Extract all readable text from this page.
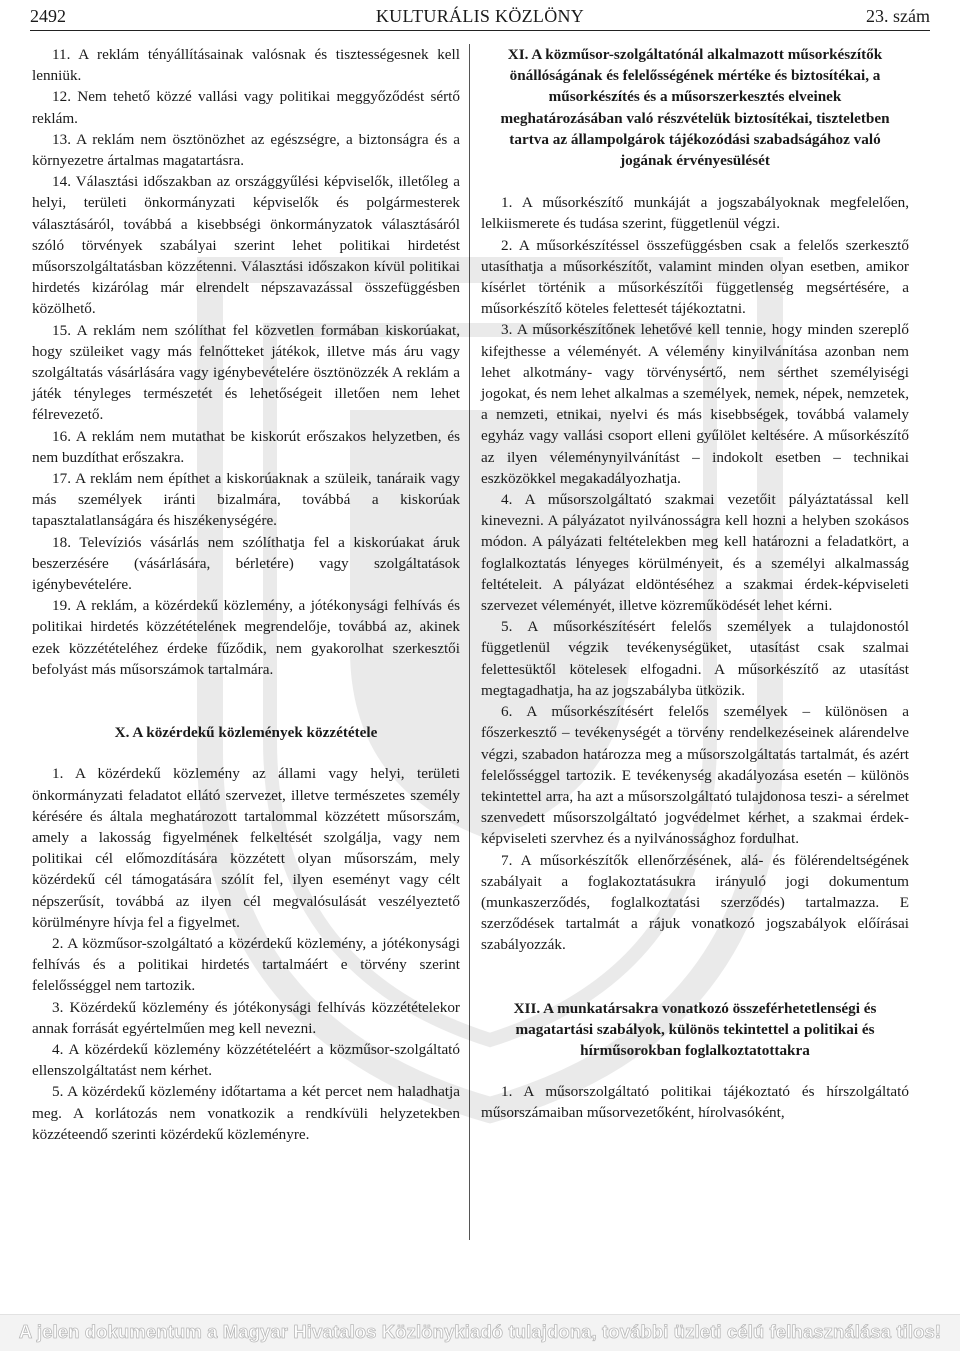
KULTURÁLIS KÖZLÖNY
2492	23. szám

11. A reklám tényállításainak valósnak és tisztességesnek kell lenniük.

12. Nem tehető közzé vallási vagy politikai meggyőződést sértő reklám.

13. A reklám nem ösztönözhet az egészségre, a biztonságra és a környezetre ártalmas magatartásra.

14. Választási időszakban az országgyűlési képviselők, illetőleg a helyi, területi önkormányzati képviselők és polgármesterek választásáról, továbbá a kisebbségi önkormányzatok választásáról szóló törvények szabályai szerint lehet politikai hirdetést műsorszolgáltatásban közzétenni. Választási időszakon kívül politikai hirdetés kizárólag már elrendelt népszavazással összefüggésben közölhető.

15. A reklám nem szólíthat fel közvetlen formában kiskorúakat, hogy szüleiket vagy más felnőtteket játékok, illetve más áru vagy szolgáltatás vásárlására vagy igénybevételére ösztönözzék A reklám a játék tényleges természetét és lehetőségeit illetően nem lehet félrevezető.

16. A reklám nem mutathat be kiskorút erőszakos helyzetben, és nem buzdíthat erőszakra.

17. A reklám nem építhet a kiskorúaknak a szüleik, tanáraik vagy más személyek iránti bizalmára, továbbá a kiskorúak tapasztalatlanságára és hiszékenységére.

18. Televíziós vásárlás nem szólíthatja fel a kiskorúakat áruk beszerzésére (vásárlására, bérletére) vagy szolgáltatások igénybevételére.

19. A reklám, a közérdekű közlemény, a jótékonysági felhívás és politikai hirdetés közzétételének megrendelője, továbbá az, akinek ezek közzétételéhez érdeke fűződik, nem gyakorolhat szerkesztői befolyást más műsorszámok tartalmára.

X. A közérdekű közlemények közzététele

1. A közérdekű közlemény az állami vagy helyi, területi önkormányzati feladatot ellátó szervezet, illetve természetes személy kérésére és általa meghatározott tartalommal közzétett műsorszám, amely a lakosság figyelmének felkeltését szolgálja, vagy nem politikai cél előmozdítására közzétett olyan műsorszám, mely közérdekű cél támogatására szólít fel, ilyen eseményt vagy célt népszerűsít, továbbá az ilyen cél megvalósulását veszélyeztető körülményre hívja fel a figyelmet.

2. A közműsor-szolgáltató a közérdekű közlemény, a jótékonysági felhívás és a politikai hirdetés tartalmáért e törvény szerint felelősséggel nem tartozik.

3. Közérdekű közlemény és jótékonysági felhívás közzétételekor annak forrását egyértelműen meg kell nevezni.

4. A közérdekű közlemény közzétételéért a közműsor-szolgáltató ellenszolgáltatást nem kérhet.

5. A közérdekű közlemény időtartama a két percet nem haladhatja meg. A korlátozás nem vonatkozik a rendkívüli helyzetekben közzéteendő szerinti közérdekű közleményre.

XI. A közműsor-szolgáltatónál alkalmazott műsorkészítők önállóságának és felelősségének mértéke és biztosítékai, a műsorkészítés és a műsorszerkesztés elveinek meghatározásában való részvételük biztosítékai, tiszteletben tartva az állampolgárok tájékozódási szabadságához való jogának érvényesülését

1. A műsorkészítő munkáját a jogszabályoknak megfelelően, lelkiismerete és tudása szerint, függetlenül végzi.

2. A műsorkészítéssel összefüggésben csak a felelős szerkesztő utasíthatja a műsorkészítőt, valamint minden olyan esetben, amikor kísérlet történik a műsorkészítői függetlenség megsértésére, a műsorkészítő köteles felettesét tájékoztatni.

3. A műsorkészítőnek lehetővé kell tennie, hogy minden szereplő kifejthesse a véleményét. A vélemény kinyilvánítása azonban nem lehet alkotmány- vagy törvénysértő, nem sérthet személyiségi jogokat, és nem lehet alkalmas a személyek, nemek, népek, nemzetek, a nemzeti, etnikai, nyelvi és más kisebbségek, továbbá valamely egyház vagy vallási csoport elleni gyűlölet keltésére. A műsorkészítő az ilyen véleménynyilvánítást – indokolt esetben – technikai eszközökkel megakadályozhatja.

4. A műsorszolgáltató szakmai vezetőit pályáztatással kell kinevezni. A pályázatot nyilvánosságra kell hozni a helyben szokásos módon. A pályázati feltételekben meg kell határozni a feladatkört, a foglalkoztatás lényeges körülményeit, és a személyi alkalmasság feltételeit. A pályázat eldöntéséhez a szakmai érdek-képviseleti szervezet véleményét, illetve közreműködését lehet kérni.

5. A műsorkészítésért felelős személyek a tulajdonostól függetlenül végzik tevékenységüket, utasítást csak szalmai felettesüktől kötelesek elfogadni. A műsorkészítő az utasítást megtagadhatja, ha az jogszabályba ütközik.

6. A műsorkészítésért felelős személyek – különösen a főszerkesztő – tevékenységét a törvény rendelkezéseinek alárendelve végzi, szabadon határozza meg a műsorszolgáltatás tartalmát, és azért felelősséggel tartozik. E tevékenység akadályozása esetén – különös tekintettel arra, ha azt a műsorszolgáltató tulajdonosa teszi- a sérelmet szenvedett műsorszolgáltató jogvédelmet kérhet, a szakmai érdek-képviseleti szervhez és a nyilvánossághoz fordulhat.

7. A műsorkészítők ellenőrzésének, alá- és fölérendeltségének szabályait a foglakoztatásukra irányuló jogi dokumentum (munkaszerződés, foglalkoztatási szerződés) tartalmazza. E szerződések tartalmát a rájuk vonatkozó jogszabályok előírásai szabályozzák.

XII. A munkatársakra vonatkozó összeférhetetlenségi és magatartási szabályok, különös tekintettel a politikai és hírműsorokban foglalkoztatottakra

1. A műsorszolgáltató politikai tájékoztató és hírszolgáltató műsorszámaiban műsorvezetőként, hírolvasóként,

A jelen dokumentum a Magyar Hivatalos Közlönykiadó tulajdona, további üzleti célú felhasználása tilos!
